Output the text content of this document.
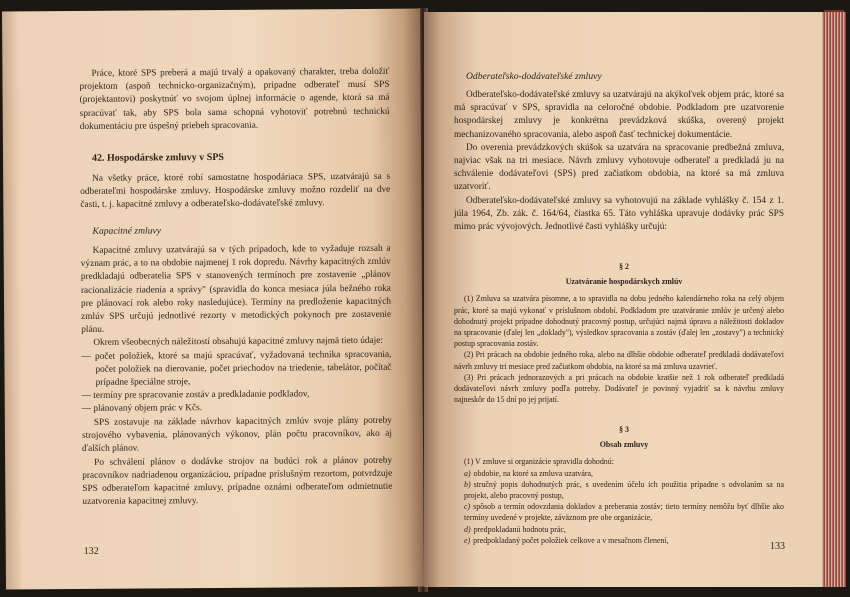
Práce, ktoré SPS preberá a majú trvalý a opakovaný charakter, treba doložiť projektom (aspoň technicko-organizačným), pripadne odberateľ musí SPS (projektantovi) poskytnúť vo svojom úplnej informácie o agende, ktorá sa má spracúvať tak, aby SPS bola sama schopná vyhotoviť potrebnú technickú dokumentáciu pre úspešný priebeh spracovania.

42. Hospodárske zmluvy v SPS

Na všetky práce, ktoré robí samostatne hospodáriaca SPS, uzatvárajú sa s odberateľmi hospodárske zmluvy. Hospodárske zmluvy možno rozdeliť na dve časti, t. j. kapacitné zmluvy a odberateľsko-dodávateľské zmluvy.

Kapacitné zmluvy

Kapacitné zmluvy uzatvárajú sa v tých prípadoch, kde to vyžaduje rozsah a význam prác, a to na obdobie najmenej 1 rok dopredu. Návrhy kapacitných zmlúv predkladajú odberatelia SPS v stanovených termínoch pre zostavenie „plánov racionalizácie riadenia a správy" (spravidla do konca mesiaca júla bežného roka pre plánovací rok alebo roky nasledujúce). Termíny na predloženie kapacitných zmlúv SPS určujú jednotlivé rezorty v metodických pokynoch pre zostavenie plánu.

Okrem všeobecných náležitostí obsahujú kapacitné zmluvy najmä tieto údaje:

— počet položiek, ktoré sa majú spracúvať, vyžadovaná technika spracovania, počet položiek na dierovanie, počet priechodov na triedenie, tabelátor, počítač prípadne špeciálne stroje,
— termíny pre spracovanie zostáv a predkladanie podkladov,
— plánovaný objem prác v Kčs.

SPS zostavuje na základe návrhov kapacitných zmlúv svoje plány potreby strojového vybavenia, plánovaných výkonov, plán počtu pracovníkov, ako aj ďalších plánov.

Po schválení plánov o dodávke strojov na budúci rok a plánov potreby pracovníkov nadriadenou organizáciou, prípadne príslušným rezortom, potvrdzuje SPS odberateľom kapacitné zmluvy, prípadne oznámi odberateľom odmietnutie uzatvorenia kapacitnej zmluvy.

132

Odberateľsko-dodávateľské zmluvy

Odberateľsko-dodávateľské zmluvy sa uzatvárajú na akýkoľvek objem prác, ktoré sa má spracúvať v SPS, spravidla na celoročné obdobie. Podkladom pre uzatvorenie hospodárskej zmluvy je konkrétna prevádzková skúška, overený projekt mechanizovaného spracovania, alebo aspoň časť technickej dokumentácie.

Do overenia prevádzkových skúšok sa uzatvára na spracovanie predbežná zmluva, najviac však na tri mesiace. Návrh zmluvy vyhotovuje odberateľ a predkladá ju na schválenie dodávateľovi (SPS) pred začiatkom obdobia, na ktoré sa má zmluva uzatvoriť.

Odberateľsko-dodávateľské zmluvy sa vyhotovujú na základe vyhlášky č. 154 z 1. júla 1964, Zb. zák. č. 164/64, čiastka 65. Táto vyhláška upravuje dodávky prác SPS mimo prác vývojových. Jednotlivé časti vyhlášky určujú:

§ 2

Uzatváranie hospodárskych zmlúv

(1) Zmluva sa uzatvára písomne, a to spravidla na dobu jedného kalendárneho roka na celý objem prác, ktoré sa majú vykonať v príslušnom období. Podkladom pre uzatváranie zmlúv je určený alebo dohodnutý projekt prípadne dohodnutý pracovný postup, určujúci najmä úpravu a náležitosti dokladov na spracovanie (ďalej len „doklady"), výsledkov spracovania a zostáv (ďalej len „zostavy") a technický postup spracovania zostáv.

(2) Pri prácach na obdobie jedného roka, alebo na dlhšie obdobie odberateľ predkladá dodávateľovi návrh zmluvy tri mesiace pred začiatkom obdobia, na ktoré sa má zmluva uzavrieť.

(3) Pri prácach jednorazových a pri prácach na obdobie kratšie než 1 rok odberateľ predkladá dodávateľovi návrh zmluvy podľa potreby. Dodávateľ je povinný vyjadriť sa k návrhu zmluvy najneskôr do 15 dní po jej prijatí.

§ 3

Obsah zmluvy

(1) V zmluve si organizácie spravidla dohodnú:

a) obdobie, na ktoré sa zmluva uzatvára,
b) stručný popis dohodnutých prác, s uvedením účelu ich použitia prípadne s odvolaním sa na projekt, alebo pracovný postup,
c) spôsob a termín odovzdania dokladov a preberania zostáv; tieto termíny nemôžu byť dlhšie ako termíny uvedené v projekte, záväznom pre obe organizácie,
d) predpokladanú hodnotu prác,
e) predpokladaný počet položiek celkove a v mesačnom členení,
133
